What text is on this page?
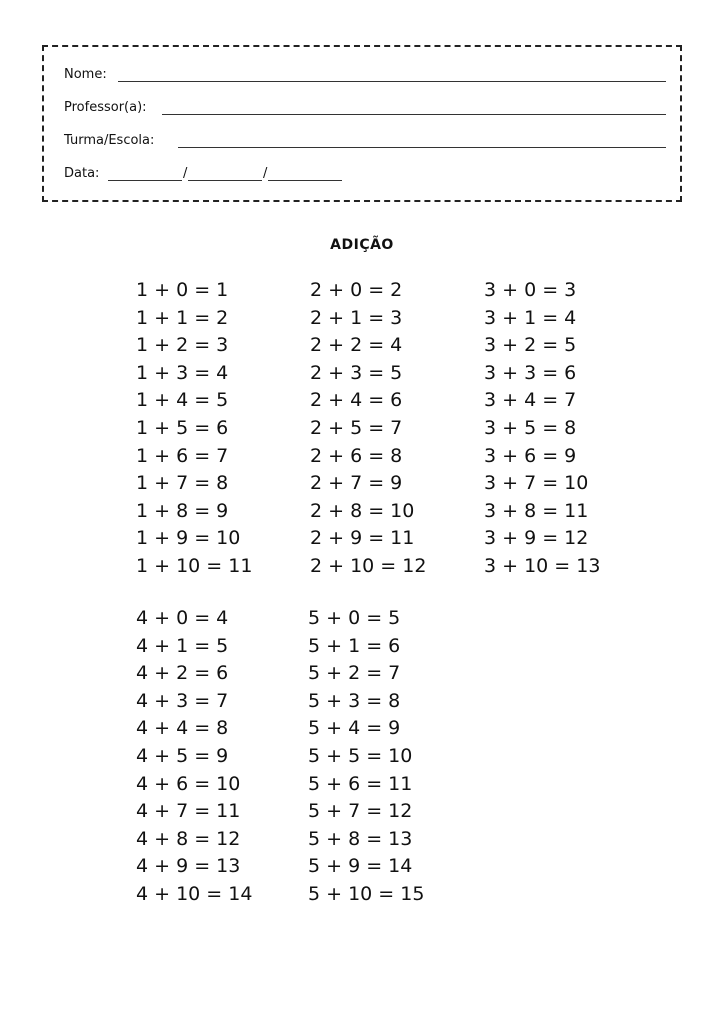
Nome:
Professor(a):
Turma/Escola:
Data:	/	/
ADIÇÃO
1 + 0 = 1
1 + 1 = 2
1 + 2 = 3
1 + 3 = 4
1 + 4 = 5
1 + 5 = 6
1 + 6 = 7
1 + 7 = 8
1 + 8 = 9
1 + 9 = 10
1 + 10 = 11
2 + 0 = 2
2 + 1 = 3
2 + 2 = 4
2 + 3 = 5
2 + 4 = 6
2 + 5 = 7
2 + 6 = 8
2 + 7 = 9
2 + 8 = 10
2 + 9 = 11
2 + 10 = 12
3 + 0 = 3
3 + 1 = 4
3 + 2 = 5
3 + 3 = 6
3 + 4 = 7
3 + 5 = 8
3 + 6 = 9
3 + 7 = 10
3 + 8 = 11
3 + 9 = 12
3 + 10 = 13
4 + 0 = 4
4 + 1 = 5
4 + 2 = 6
4 + 3 = 7
4 + 4 = 8
4 + 5 = 9
4 + 6 = 10
4 + 7 = 11
4 + 8 = 12
4 + 9 = 13
4 + 10 = 14
5 + 0 = 5
5 + 1 = 6
5 + 2 = 7
5 + 3 = 8
5 + 4 = 9
5 + 5 = 10
5 + 6 = 11
5 + 7 = 12
5 + 8 = 13
5 + 9 = 14
5 + 10 = 15
